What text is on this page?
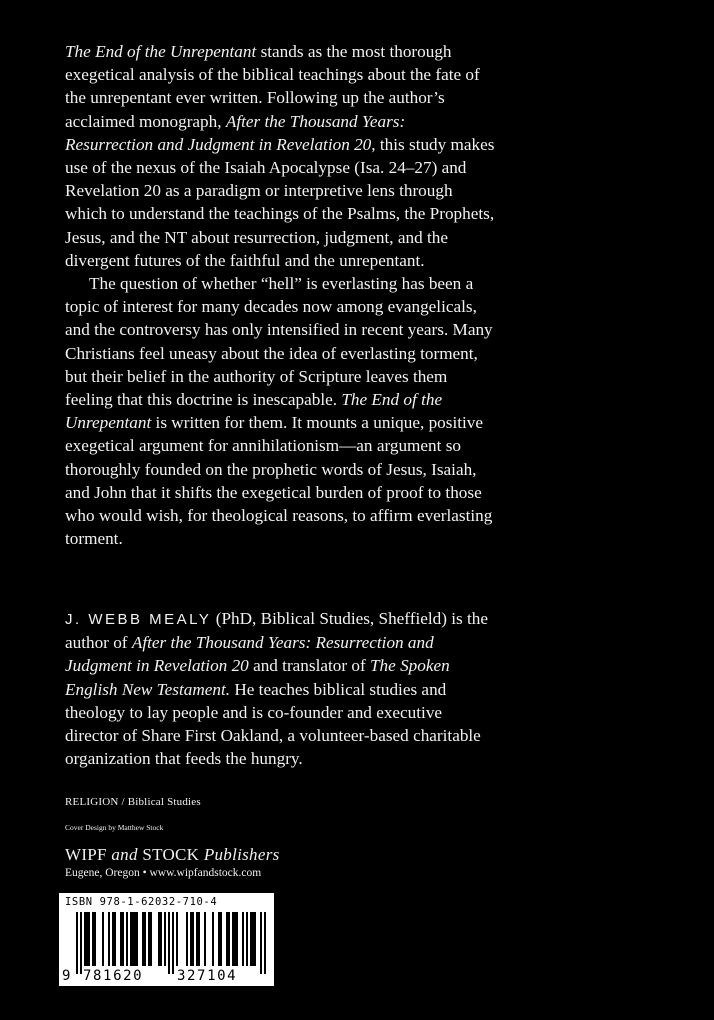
The End of the Unrepentant stands as the most thorough exegetical analysis of the biblical teachings about the fate of the unrepentant ever written. Following up the author’s acclaimed monograph, After the Thousand Years: Resurrection and Judgment in Revelation 20, this study makes use of the nexus of the Isaiah Apocalypse (Isa. 24–27) and Revelation 20 as a paradigm or interpretive lens through which to understand the teachings of the Psalms, the Prophets, Jesus, and the NT about resurrection, judgment, and the divergent futures of the faithful and the unrepentant.

The question of whether “hell” is everlasting has been a topic of interest for many decades now among evangelicals, and the controversy has only intensified in recent years. Many Christians feel uneasy about the idea of everlasting torment, but their belief in the authority of Scripture leaves them feeling that this doctrine is inescapable. The End of the Unrepentant is written for them. It mounts a unique, positive exegetical argument for annihilationism—an argument so thoroughly founded on the prophetic words of Jesus, Isaiah, and John that it shifts the exegetical burden of proof to those who would wish, for theological reasons, to affirm everlasting torment.

J. WEBB MEALY (PhD, Biblical Studies, Sheffield) is the author of After the Thousand Years: Resurrection and Judgment in Revelation 20 and translator of The Spoken English New Testament. He teaches biblical studies and theology to lay people and is co-founder and executive director of Share First Oakland, a volunteer-based charitable organization that feeds the hungry.

RELIGION / Biblical Studies
Cover Design by Matthew Stock
WIPF and STOCK Publishers
Eugene, Oregon • www.wipfandstock.com
ISBN 978-1-62032-710-4
9 781620 327104
